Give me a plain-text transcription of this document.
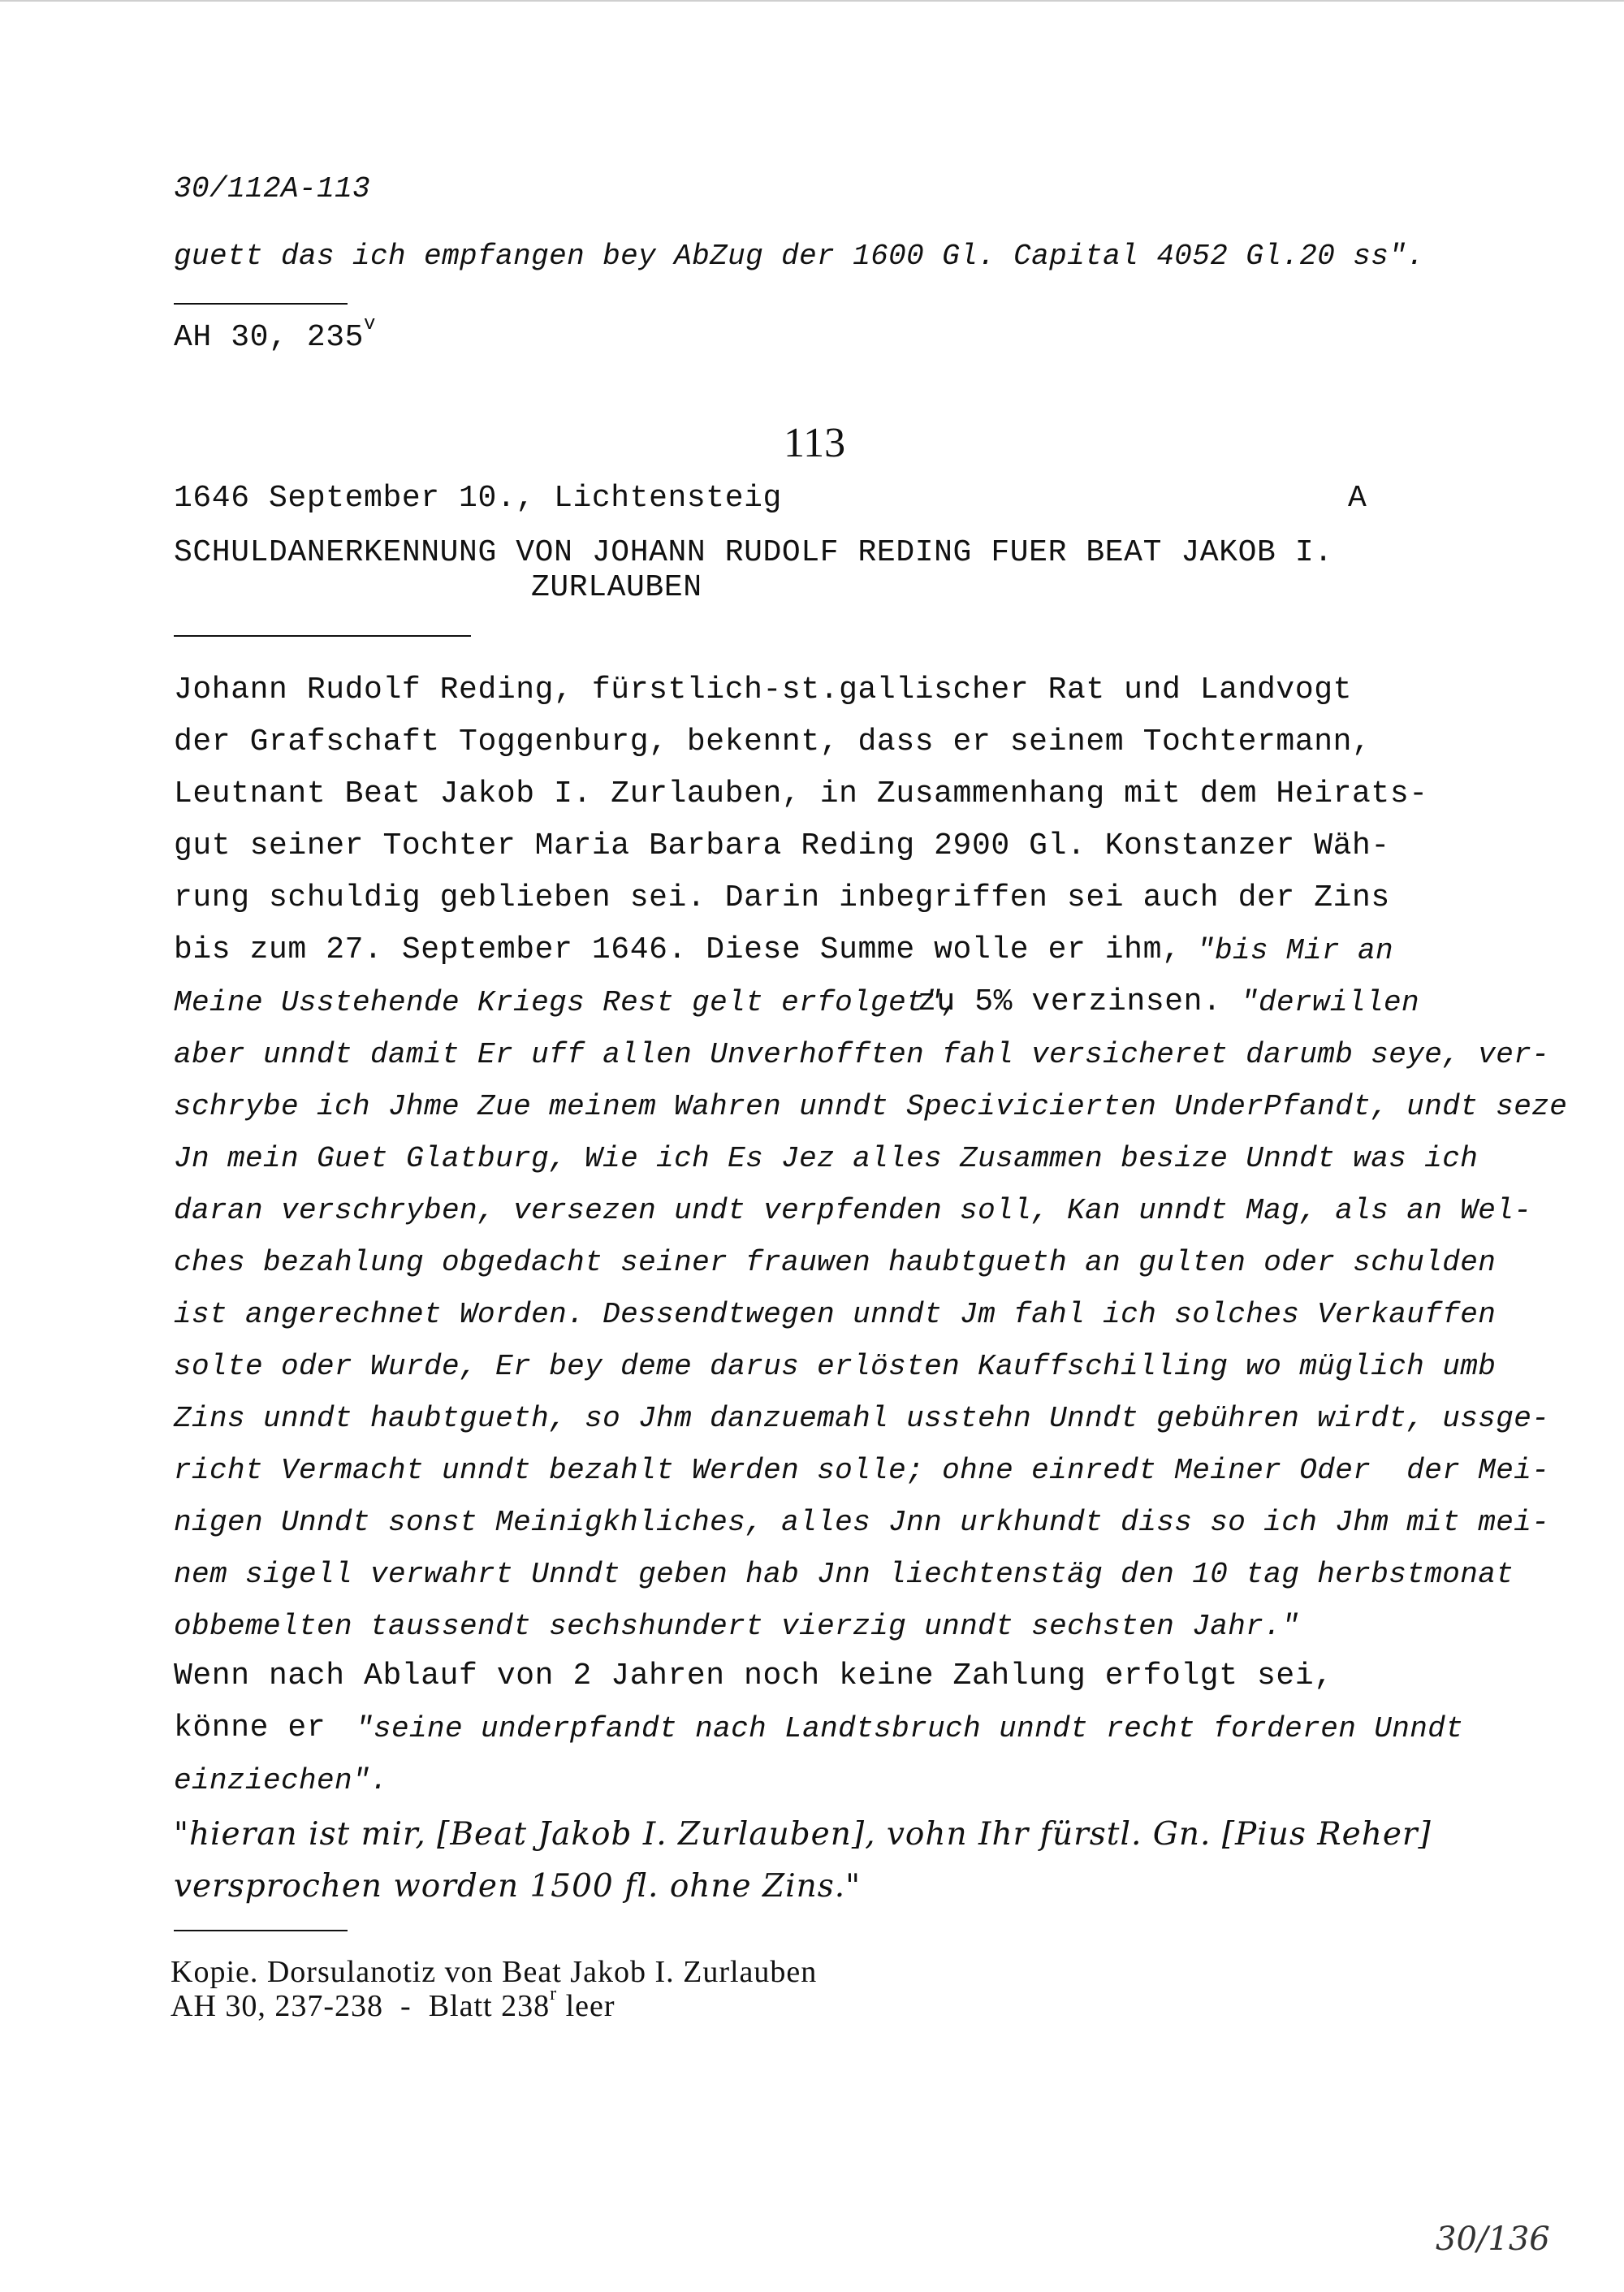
30/112A-113
guett das ich empfangen bey AbZug der 1600 Gl. Capital 4052 Gl.20 ss".
AH 30, 235$^v$
113
1646 September 10., Lichtensteig	A
SCHULDANERKENNUNG VON JOHANN RUDOLF REDING FUER BEAT JAKOB I.
ZURLAUBEN
Johann Rudolf Reding, fürstlich-st.gallischer Rat und Landvogt
der Grafschaft Toggenburg, bekennt, dass er seinem Tochtermann,
Leutnant Beat Jakob I. Zurlauben, in Zusammenhang mit dem Heirats-
gut seiner Tochter Maria Barbara Reding 2900 Gl. Konstanzer Wäh-
rung schuldig geblieben sei. Darin inbegriffen sei auch der Zins
bis zum 27. September 1646. Diese Summe wolle er ihm, "bis Mir an
Meine Usstehende Kriegs Rest gelt erfolget",
zu 5% verzinsen. "derwillen
aber unndt damit Er uff allen Unverhofften fahl versicheret darumb seye, ver-
schrybe ich Jhme Zue meinem Wahren unndt Specivicierten UnderPfandt, undt seze
Jn mein Guet Glatburg, Wie ich Es Jez alles Zusammen besize Unndt was ich
daran verschryben, versezen undt verpfenden soll, Kan unndt Mag, als an Wel-
ches bezahlung obgedacht seiner frauwen haubtgueth an gulten oder schulden
ist angerechnet Worden. Dessendtwegen unndt Jm fahl ich solches Verkauffen
solte oder Wurde, Er bey deme darus erlösten Kauffschilling wo müglich umb
Zins unndt haubtgueth, so Jhm danzuemahl usstehn Unndt gebühren wirdt, ussge-
richt Vermacht unndt bezahlt Werden solle; ohne einredt Meiner Oder  der Mei-
nigen Unndt sonst Meinigkhliches, alles Jnn urkhundt diss so ich Jhm mit mei-
nem sigell verwahrt Unndt geben hab Jnn liechtenstäg den 10 tag herbstmonat
obbemelten taussendt sechshundert vierzig unndt sechsten Jahr."
Wenn nach Ablauf von 2 Jahren noch keine Zahlung erfolgt sei,
könne er "seine underpfandt nach Landtsbruch unndt recht forderen Unndt
einziechen".
"hieran ist mir, [Beat Jakob I. Zurlauben], vohn Ihr fürstl. Gn. [Pius Reher]
versprochen worden 1500 fl. ohne Zins."
Kopie. Dorsulanotiz von Beat Jakob I. Zurlauben
AH 30, 237-238  -  Blatt 238$^r$ leer
30/136
